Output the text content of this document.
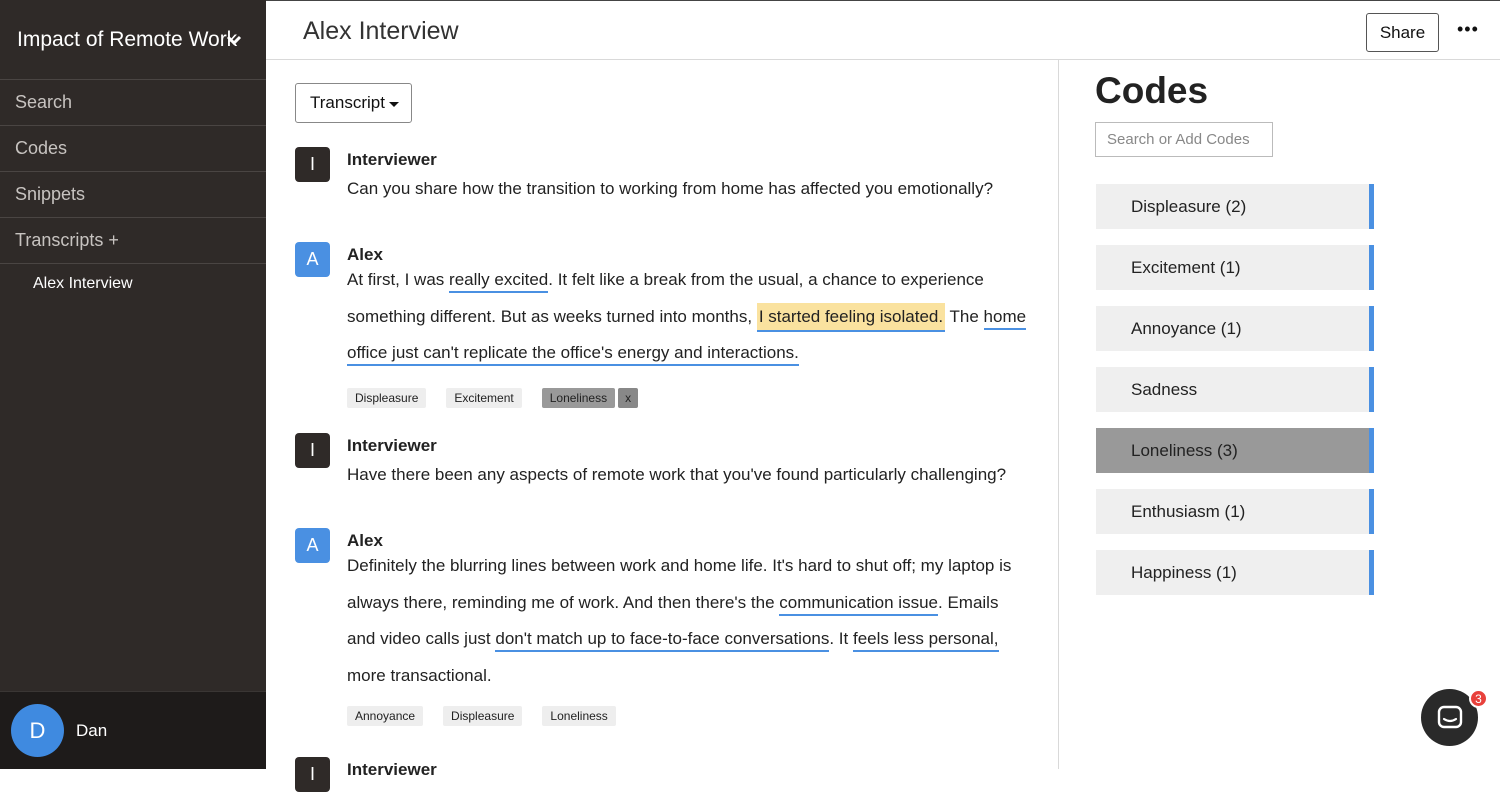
Impact of Remote Work
Search
Codes
Snippets
Transcripts +
Alex Interview
D	Dan
Alex Interview	Share	•••
Transcript
I	Interviewer
Can you share how the transition to working from home has affected you emotionally?
A	Alex
At first, I was really excited. It felt like a break from the usual, a chance to experience something different. But as weeks turned into months, I started feeling isolated. The home office just can't replicate the office's energy and interactions.
Displeasure	Excitement	Loneliness	x
I	Interviewer
Have there been any aspects of remote work that you've found particularly challenging?
A	Alex
Definitely the blurring lines between work and home life. It's hard to shut off; my laptop is always there, reminding me of work. And then there's the communication issue. Emails and video calls just don't match up to face-to-face conversations. It feels less personal, more transactional.
Annoyance	Displeasure	Loneliness
I	Interviewer
Codes
Search or Add Codes
Displeasure (2)
Excitement (1)
Annoyance (1)
Sadness
Loneliness (3)
Enthusiasm (1)
Happiness (1)
3
